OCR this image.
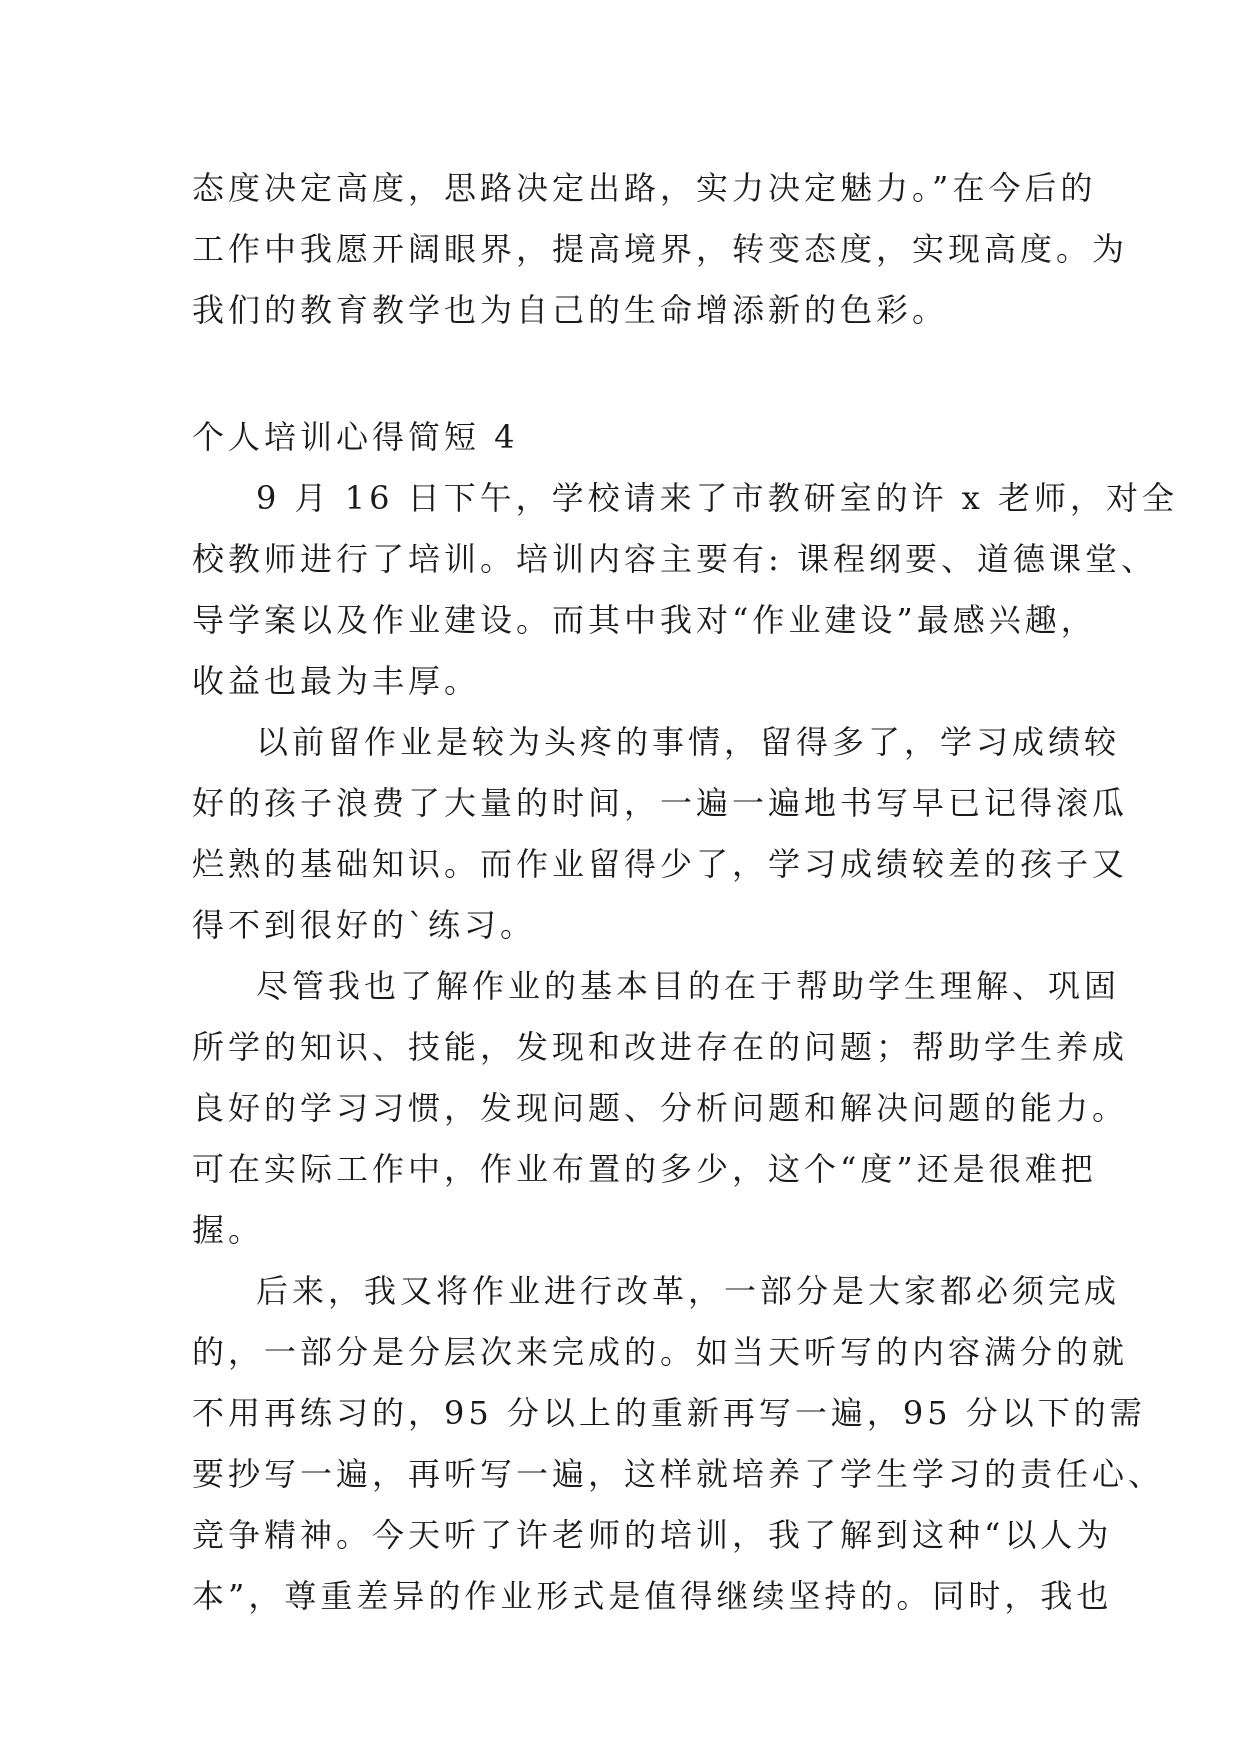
态度决定高度，思路决定出路，实力决定魅力。”在今后的
工作中我愿开阔眼界，提高境界，转变态度，实现高度。为
我们的教育教学也为自己的生命增添新的色彩。
个人培训心得简短 4
9 月 16 日下午，学校请来了市教研室的许 x 老师，对全
校教师进行了培训。培训内容主要有: 课程纲要、道德课堂、
导学案以及作业建设。而其中我对“作业建设”最感兴趣，
收益也最为丰厚。
以前留作业是较为头疼的事情，留得多了，学习成绩较
好的孩子浪费了大量的时间，一遍一遍地书写早已记得滚瓜
烂熟的基础知识。而作业留得少了，学习成绩较差的孩子又
得不到很好的`练习。
尽管我也了解作业的基本目的在于帮助学生理解、巩固
所学的知识、技能，发现和改进存在的问题；帮助学生养成
良好的学习习惯，发现问题、分析问题和解决问题的能力。
可在实际工作中，作业布置的多少，这个“度”还是很难把
握。
后来，我又将作业进行改革，一部分是大家都必须完成
的，一部分是分层次来完成的。如当天听写的内容满分的就
不用再练习的，95 分以上的重新再写一遍，95 分以下的需
要抄写一遍，再听写一遍，这样就培养了学生学习的责任心、
竞争精神。今天听了许老师的培训，我了解到这种“以人为
本”，尊重差异的作业形式是值得继续坚持的。同时，我也
